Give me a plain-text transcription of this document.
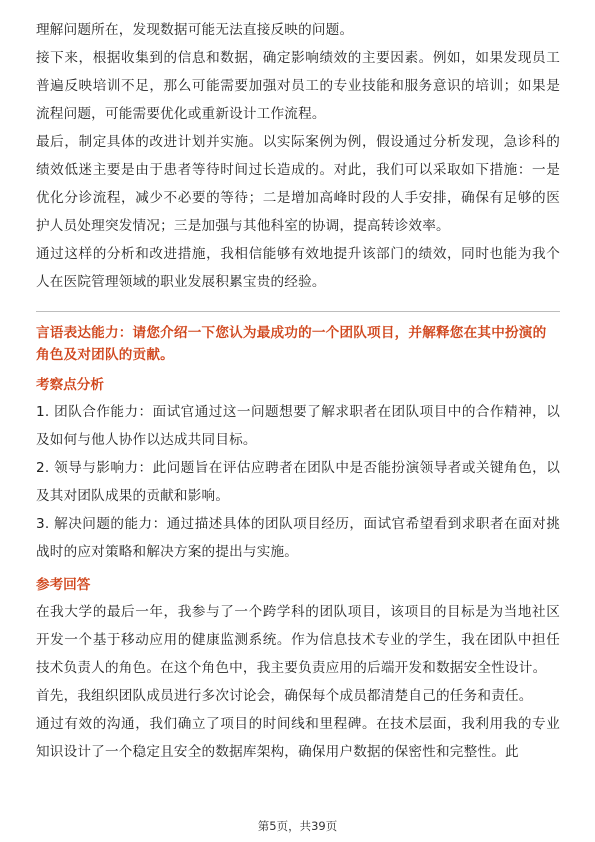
理解问题所在，发现数据可能无法直接反映的问题。

接下来，根据收集到的信息和数据，确定影响绩效的主要因素。例如，如果发现员工普遍反映培训不足，那么可能需要加强对员工的专业技能和服务意识的培训；如果是流程问题，可能需要优化或重新设计工作流程。

最后，制定具体的改进计划并实施。以实际案例为例，假设通过分析发现，急诊科的绩效低迷主要是由于患者等待时间过长造成的。对此，我们可以采取如下措施：一是优化分诊流程，减少不必要的等待；二是增加高峰时段的人手安排，确保有足够的医护人员处理突发情况；三是加强与其他科室的协调，提高转诊效率。

通过这样的分析和改进措施，我相信能够有效地提升该部门的绩效，同时也能为我个人在医院管理领域的职业发展积累宝贵的经验。

言语表达能力：请您介绍一下您认为最成功的一个团队项目，并解释您在其中扮演的角色及对团队的贡献。

考察点分析

1. 团队合作能力：面试官通过这一问题想要了解求职者在团队项目中的合作精神，以及如何与他人协作以达成共同目标。

2. 领导与影响力：此问题旨在评估应聘者在团队中是否能扮演领导者或关键角色，以及其对团队成果的贡献和影响。

3. 解决问题的能力：通过描述具体的团队项目经历，面试官希望看到求职者在面对挑战时的应对策略和解决方案的提出与实施。

参考回答

在我大学的最后一年，我参与了一个跨学科的团队项目，该项目的目标是为当地社区开发一个基于移动应用的健康监测系统。作为信息技术专业的学生，我在团队中担任技术负责人的角色。在这个角色中，我主要负责应用的后端开发和数据安全性设计。

首先，我组织团队成员进行多次讨论会，确保每个成员都清楚自己的任务和责任。

通过有效的沟通，我们确立了项目的时间线和里程碑。在技术层面，我利用我的专业知识设计了一个稳定且安全的数据库架构，确保用户数据的保密性和完整性。此

第5页，共39页
